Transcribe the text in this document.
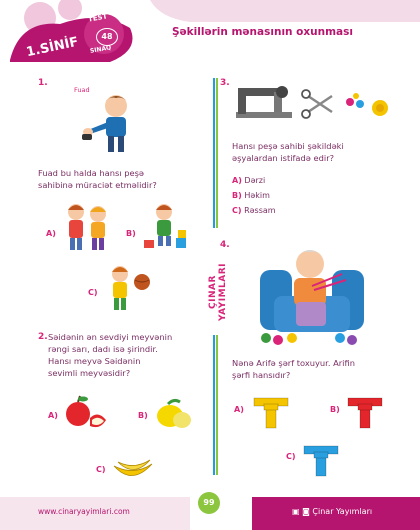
1.SİNİF
TEST
48
SINAQ
Şəkillərin mənasının oxunması
ÇINAR YAYIMLARI
1.
Fuad
Fuad bu halda hansı peşə
sahibinə müraciət etməlidir?
A)	B)
C)
2. Səidənin ən sevdiyi meyvənin
rəngi sarı, dadı isə şirindir.
Hansı meyvə Səidənin
sevimli meyvəsidir?
A)	B)
C)
3.
Hansı peşə sahibi şəkildəki
əşyalardan istifadə edir?
A) Dərzi
B) Həkim
C) Rəssam
4.
Nənə Arifə şərf toxuyur. Arifin
şərfi hansıdır?
A)	B)
C)
www.cinaryayimlari.com	▣ ◙ Çinar Yayımları
99
